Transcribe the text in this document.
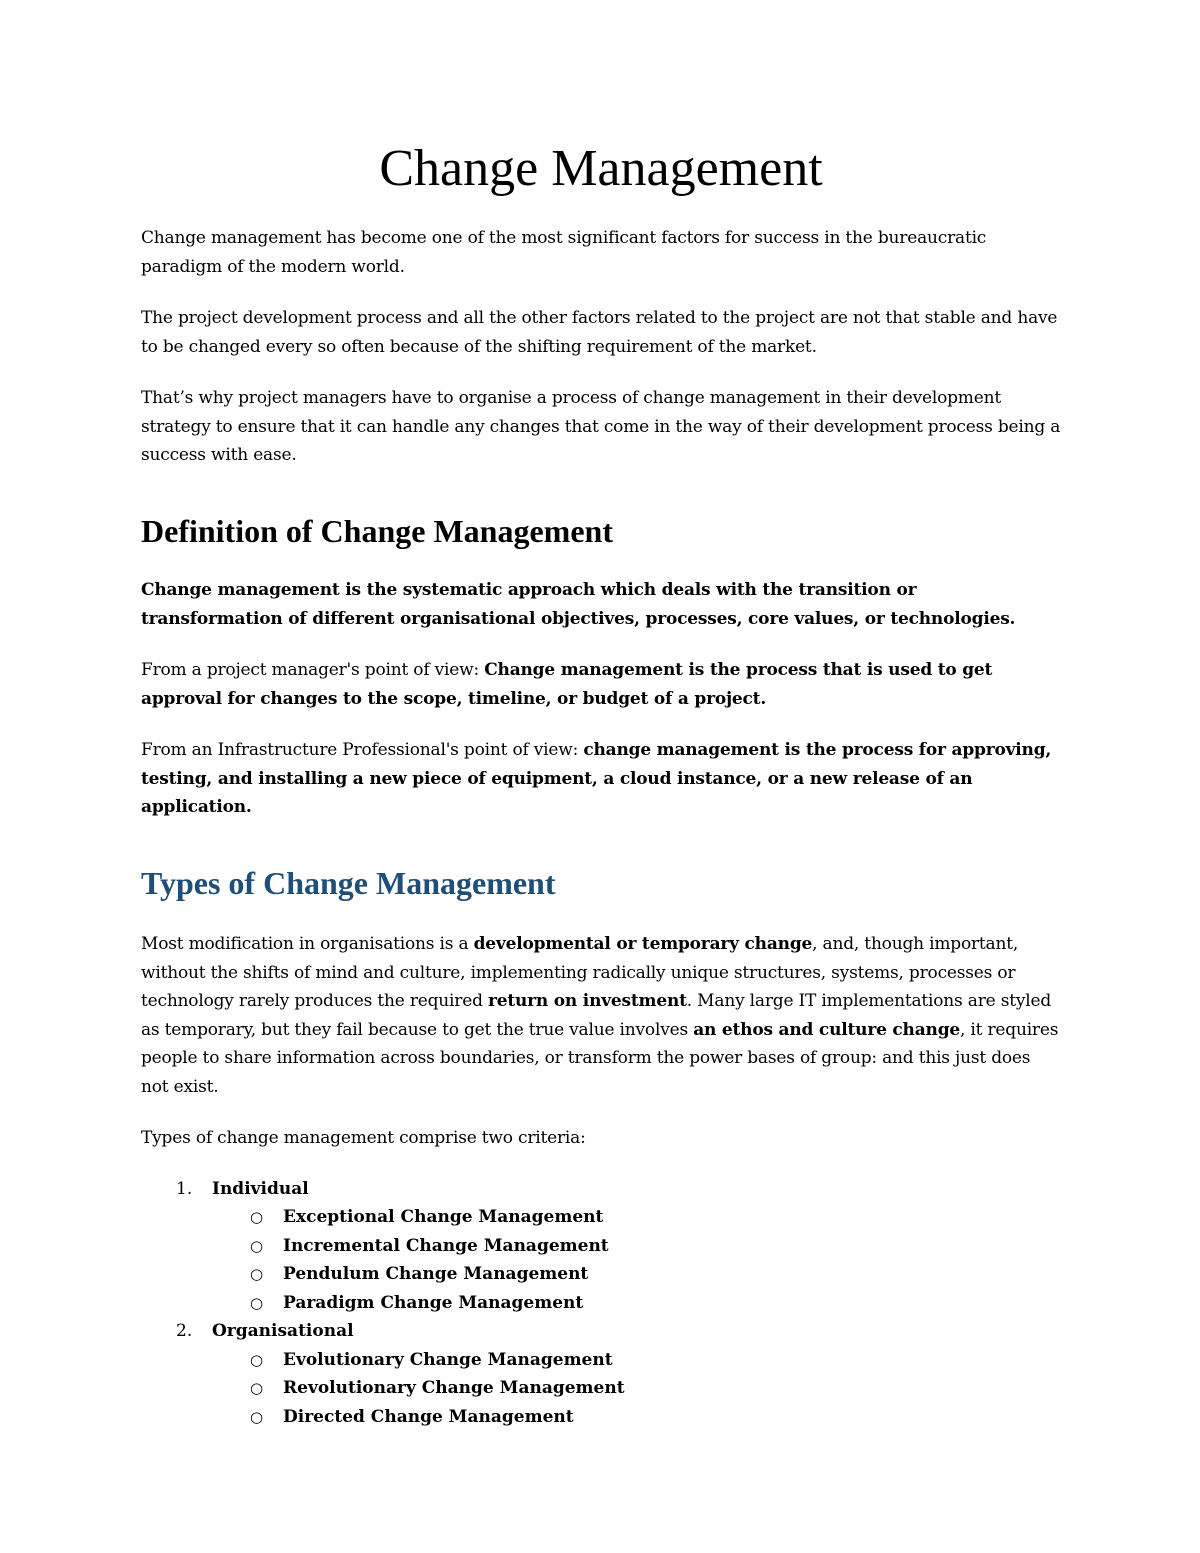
Change Management

Change management has become one of the most significant factors for success in the bureaucratic paradigm of the modern world.

The project development process and all the other factors related to the project are not that stable and have to be changed every so often because of the shifting requirement of the market.

That’s why project managers have to organise a process of change management in their development strategy to ensure that it can handle any changes that come in the way of their development process being a success with ease.

Definition of Change Management

Change management is the systematic approach which deals with the transition or transformation of different organisational objectives, processes, core values, or technologies.

From a project manager's point of view: Change management is the process that is used to get approval for changes to the scope, timeline, or budget of a project.

From an Infrastructure Professional's point of view: change management is the process for approving, testing, and installing a new piece of equipment, a cloud instance, or a new release of an application.

Types of Change Management

Most modification in organisations is a developmental or temporary change, and, though important, without the shifts of mind and culture, implementing radically unique structures, systems, processes or technology rarely produces the required return on investment. Many large IT implementations are styled as temporary, but they fail because to get the true value involves an ethos and culture change, it requires people to share information across boundaries, or transform the power bases of group: and this just does not exist.

Types of change management comprise two criteria:

1. Individual
○ Exceptional Change Management
○ Incremental Change Management
○ Pendulum Change Management
○ Paradigm Change Management
2. Organisational
○ Evolutionary Change Management
○ Revolutionary Change Management
○ Directed Change Management
